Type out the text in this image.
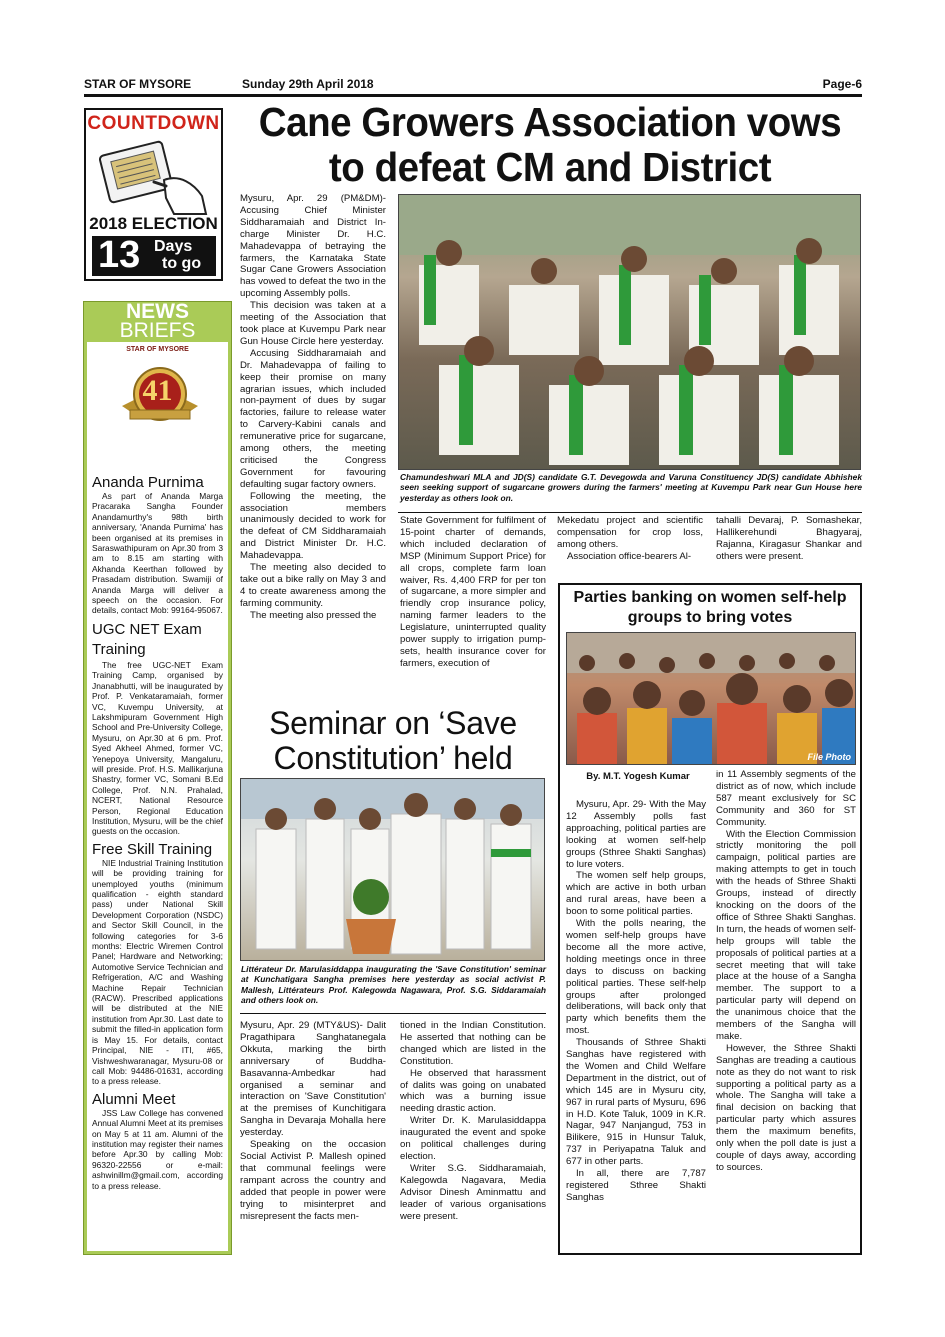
STAR OF MYSORE	Sunday 29th April 2018	Page-6
COUNTDOWN
2018 ELECTION
13 Days
to go
NEWS
BRIEFS
STAR OF MYSORE
41
Estd. 1978
Ananda Purnima

As part of Ananda Marga Pracaraka Sangha Founder Anandamurthy's 98th birth anniversary, 'Ananda Purnima' has been organised at its premises in Saraswathipuram on Apr.30 from 3 am to 8.15 am starting with Akhanda Keerthan followed by Prasadam distribution. Swamiji of Ananda Marga will deliver a speech on the occasion. For details, contact Mob: 99164-95067.

UGC NET Exam Training

The free UGC-NET Exam Training Camp, organised by Jnanabhutti, will be inaugurated by Prof. P. Venkataramaiah, former VC, Kuvempu University, at Lakshmipuram Government High School and Pre-University College, Mysuru, on Apr.30 at 6 pm. Prof. Syed Akheel Ahmed, former VC, Yenepoya University, Mangaluru, will preside. Prof. H.S. Mallikarjuna Shastry, former VC, Somani B.Ed College, Prof. N.N. Prahalad, NCERT, National Resource Person, Regional Education Institution, Mysuru, will be the chief guests on the occasion.

Free Skill Training

NIE Industrial Training Institution will be providing training for unemployed youths (minimum qualification - eighth standard pass) under National Skill Development Corporation (NSDC) and Sector Skill Council, in the following categories for 3-6 months: Electric Wiremen Control Panel; Hardware and Networking; Automotive Service Technician and Refrigeration, A/C and Washing Machine Repair Technician (RACW). Prescribed applications will be distributed at the NIE institution from Apr.30. Last date to submit the filled-in application form is May 15. For details, contact Principal, NIE - ITI, #65, Vishweshwaranagar, Mysuru-08 or call Mob: 94486-01631, according to a press release.

Alumni Meet

JSS Law College has convened Annual Alumni Meet at its premises on May 5 at 11 am. Alumni of the institution may register their names before Apr.30 by calling Mob: 96320-22556 or e-mail: ashwinillm@gmail.com, according to a press release.

Cane Growers Association vows to defeat CM and District

Mysuru, Apr. 29 (PM&DM)- Accusing Chief Minister Siddharamaiah and District In-charge Minister Dr. H.C. Mahadevappa of betraying the farmers, the Karnataka State Sugar Cane Growers Association has vowed to defeat the two in the upcoming Assembly polls.

This decision was taken at a meeting of the Association that took place at Kuvempu Park near Gun House Circle here yesterday.

Accusing Siddharamaiah and Dr. Mahadevappa of failing to keep their promise on many agrarian issues, which included non-payment of dues by sugar factories, failure to release water to Carvery-Kabini canals and remunerative price for sugarcane, among others, the meeting criticised the Congress Government for favouring defaulting sugar factory owners.

Following the meeting, the association members unanimously decided to work for the defeat of CM Siddharamaiah and District Minister Dr. H.C. Mahadevappa.

The meeting also decided to take out a bike rally on May 3 and 4 to create awareness among the farming community.

The meeting also pressed the

Chamundeshwari MLA and JD(S) candidate G.T. Devegowda and Varuna Constituency JD(S) candidate Abhishek seen seeking support of sugarcane growers during the farmers' meeting at Kuvempu Park near Gun House here yesterday as others look on.

State Government for fulfilment of 15-point charter of demands, which included declaration of MSP (Minimum Support Price) for all crops, complete farm loan waiver, Rs. 4,400 FRP for per ton of sugarcane, a more simpler and friendly crop insurance policy, naming farmer leaders to the Legislature, uninterrupted quality power supply to irrigation pump-sets, health insurance cover for farmers, execution of

Mekedatu project and scientific compensation for crop loss, among others.

Association office-bearers Al-

tahalli Devaraj, P. Somashekar, Hallikerehundi Bhagyaraj, Rajanna, Kiragasur Shankar and others were present.

Seminar on ‘Save Constitution’ held
Littérateur Dr. Marulasiddappa inaugurating the 'Save Constitution' seminar at Kunchatigara Sangha premises here yesterday as social activist P. Mallesh, Littérateurs Prof. Kalegowda Nagawara, Prof. S.G. Siddaramaiah and others look on.

Mysuru, Apr. 29 (MTY&US)- Dalit Pragathipara Sanghatanegala Okkuta, marking the birth anniversary of Buddha-Basavanna-Ambedkar had organised a seminar and interaction on 'Save Constitution' at the premises of Kunchitigara Sangha in Devaraja Mohalla here yesterday.

Speaking on the occasion Social Activist P. Mallesh opined that communal feelings were rampant across the country and added that people in power were trying to misinterpret and misrepresent the facts men-

tioned in the Indian Constitution. He asserted that nothing can be changed which are listed in the Constitution.

He observed that harassment of dalits was going on unabated which was a burning issue needing drastic action.

Writer Dr. K. Marulasiddappa inaugurated the event and spoke on political challenges during election.

Writer S.G. Siddharamaiah, Kalegowda Nagavara, Media Advisor Dinesh Aminmattu and leader of various organisations were present.

Parties banking on women self-help groups to bring votes
File Photo
By. M.T. Yogesh Kumar

Mysuru, Apr. 29- With the May 12 Assembly polls fast approaching, political parties are looking at women self-help groups (Sthree Shakti Sanghas) to lure voters.

The women self help groups, which are active in both urban and rural areas, have been a boon to some political parties.

With the polls nearing, the women self-help groups have become all the more active, holding meetings once in three days to discuss on backing political parties. These self-help groups after prolonged deliberations, will back only that party which benefits them the most.

Thousands of Sthree Shakti Sanghas have registered with the Women and Child Welfare Department in the district, out of which 145 are in Mysuru city, 967 in rural parts of Mysuru, 696 in H.D. Kote Taluk, 1009 in K.R. Nagar, 947 Nanjangud, 753 in Bilikere, 915 in Hunsur Taluk, 737 in Periyapatna Taluk and 677 in other parts.

In all, there are 7,787 registered Sthree Shakti Sanghas

in 11 Assembly segments of the district as of now, which include 587 meant exclusively for SC Community and 360 for ST Community.

With the Election Commission strictly monitoring the poll campaign, political parties are making attempts to get in touch with the heads of Sthree Shakti Groups, instead of directly knocking on the doors of the office of Sthree Shakti Sanghas. In turn, the heads of women self-help groups will table the proposals of political parties at a secret meeting that will take place at the house of a Sangha member. The support to a particular party will depend on the unanimous choice that the members of the Sangha will make.

However, the Sthree Shakti Sanghas are treading a cautious note as they do not want to risk supporting a political party as a whole. The Sangha will take a final decision on backing that particular party which assures them the maximum benefits, only when the poll date is just a couple of days away, according to sources.
